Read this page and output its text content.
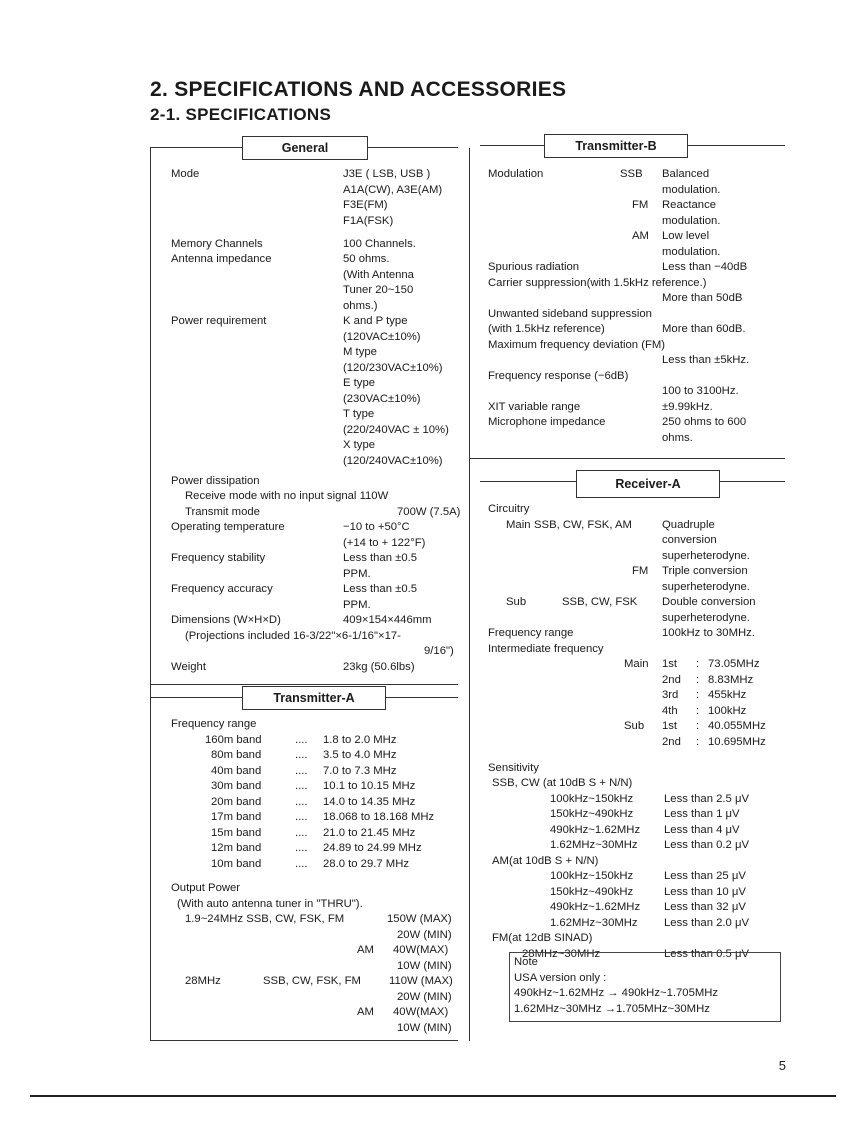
2. SPECIFICATIONS AND ACCESSORIES
2-1. SPECIFICATIONS
General
Mode	J3E ( LSB, USB )
A1A(CW), A3E(AM)
F3E(FM)
F1A(FSK)
Memory Channels	100 Channels.
Antenna impedance	50 ohms.
(With Antenna
Tuner 20~150
ohms.)
Power requirement	K and P type
(120VAC±10%)
M type
(120/230VAC±10%)
E type
(230VAC±10%)
T type
(220/240VAC ± 10%)
X type
(120/240VAC±10%)
Power dissipation
Receive mode with no input signal 110W
Transmit mode	700W (7.5A)
Operating temperature	−10 to +50°C
(+14 to + 122°F)
Frequency stability	Less than ±0.5
PPM.
Frequency accuracy	Less than ±0.5
PPM.
Dimensions (W×H×D)	409×154×446mm
(Projections included 16-3/22"×6-1/16"×17-
9/16")
Weight	23kg (50.6lbs)
Transmitter-A
Frequency range
160m band	.... 1.8 to 2.0 MHz
80m band	.... 3.5 to 4.0 MHz
40m band	.... 7.0 to 7.3 MHz
30m band	.... 10.1 to 10.15 MHz
20m band	.... 14.0 to 14.35 MHz
17m band	.... 18.068 to 18.168 MHz
15m band	.... 21.0 to 21.45 MHz
12m band	.... 24.89 to 24.99 MHz
10m band	.... 28.0 to 29.7 MHz
Output Power
(With auto antenna tuner in "THRU").
1.9~24MHz SSB, CW, FSK, FM	150W (MAX)
20W (MIN)
AM 40W(MAX)
10W (MIN)
28MHz	SSB, CW, FSK, FM 110W (MAX)
20W (MIN)
AM 40W(MAX)
10W (MIN)
Transmitter-B
Modulation	SSB Balanced
modulation.
FM Reactance
modulation.
AM Low level
modulation.
Spurious radiation	Less than −40dB
Carrier suppression(with 1.5kHz reference.)
More than 50dB
Unwanted sideband suppression
(with 1.5kHz reference)	More than 60dB.
Maximum frequency deviation (FM)
Less than ±5kHz.
Frequency response (−6dB)
100 to 3100Hz.
XIT variable range	±9.99kHz.
Microphone impedance	250 ohms to 600
ohms.
Receiver-A
Circuitry
Main SSB, CW, FSK, AM	Quadruple
conversion
superheterodyne.
FM Triple conversion
superheterodyne.
Sub	SSB, CW, FSK Double conversion
superheterodyne.
Frequency range	100kHz to 30MHz.
Intermediate frequency
Main 1st : 73.05MHz
2nd : 8.83MHz
3rd : 455kHz
4th : 100kHz
Sub 1st : 40.055MHz
2nd : 10.695MHz
Sensitivity
SSB, CW (at 10dB S + N/N)
100kHz~150kHz	Less than 2.5 μV
150kHz~490kHz	Less than 1 μV
490kHz~1.62MHz Less than 4 μV
1.62MHz~30MHz Less than 0.2 μV
AM(at 10dB S + N/N)
100kHz~150kHz	Less than 25 μV
150kHz~490kHz	Less than 10 μV
490kHz~1.62MHz Less than 32 μV
1.62MHz~30MHz Less than 2.0 μV
FM(at 12dB SINAD)
28MHz~30MHz	Less than 0.5 μV
Note
USA version only :
490kHz~1.62MHz → 490kHz~1.705MHz
1.62MHz~30MHz →1.705MHz~30MHz
5
